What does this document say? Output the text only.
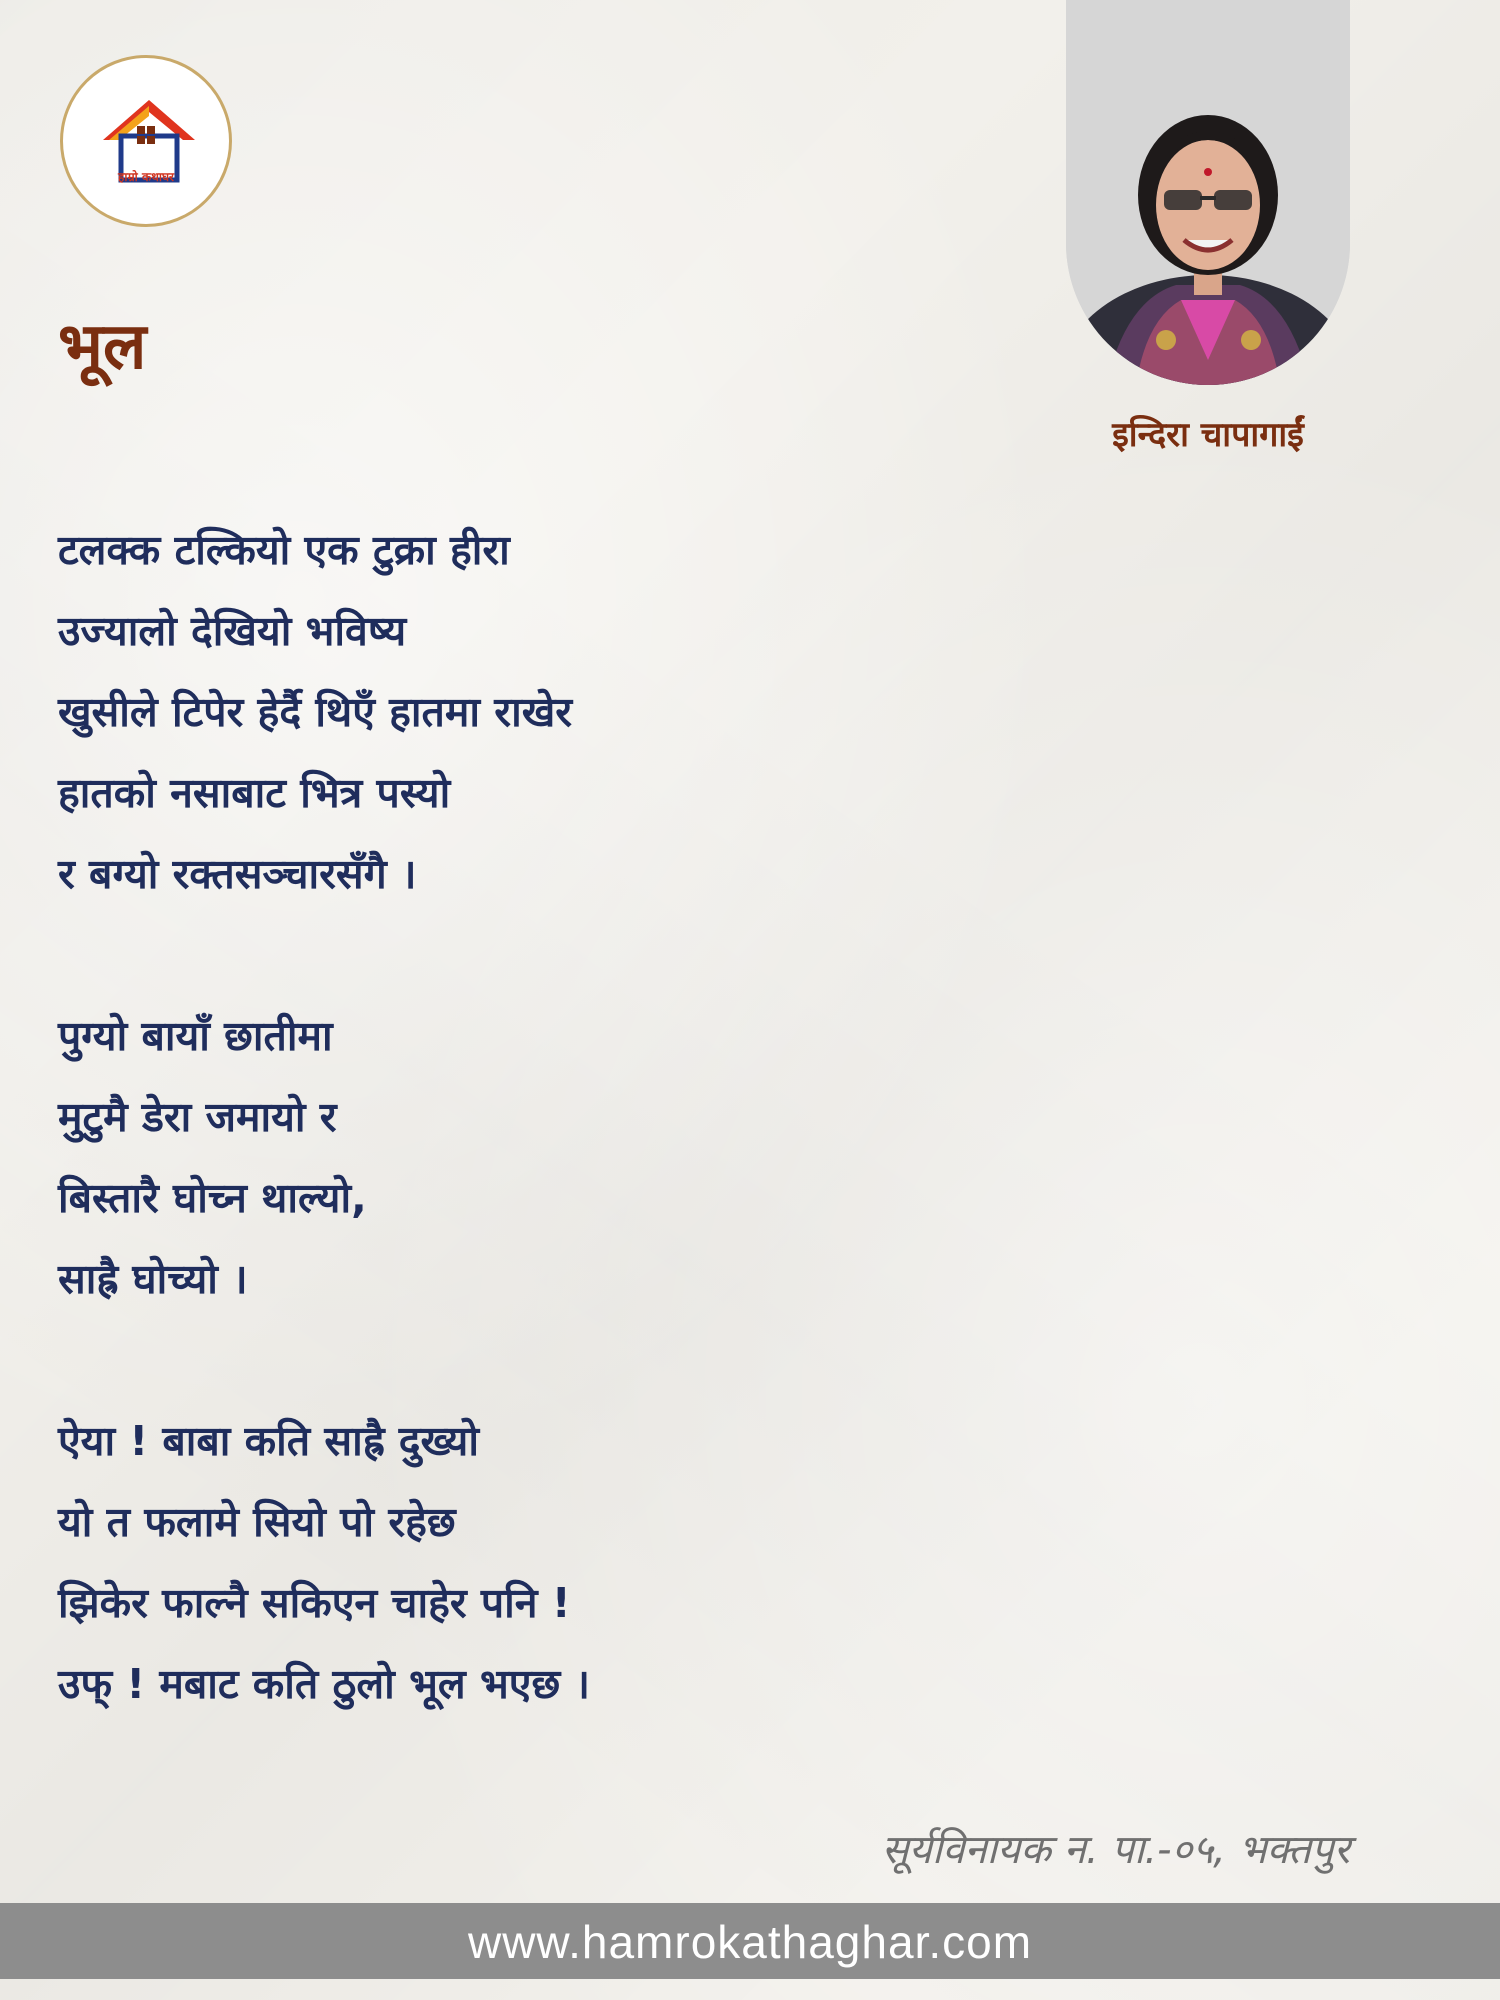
हाम्रो कथाघर
इन्दिरा चापागाईं
भूल
टलक्क टल्कियो एक टुक्रा हीरा
उज्यालो देखियो भविष्य
खुसीले टिपेर हेर्दै थिएँ हातमा राखेर
हातको नसाबाट भित्र पस्यो
र बग्यो रक्तसञ्चारसँगै ।
पुग्यो बायाँ छातीमा
मुटुमै डेरा जमायो र
बिस्तारै घोच्न थाल्यो,
साह्रै घोच्यो ।
ऐया ! बाबा कति साह्रै दुख्यो
यो त फलामे सियो पो रहेछ
झिकेर फाल्नै सकिएन चाहेर पनि !
उफ् ! मबाट कति ठुलो भूल भएछ ।
सूर्यविनायक न. पा.-०५, भक्तपुर
www.hamrokathaghar.com
